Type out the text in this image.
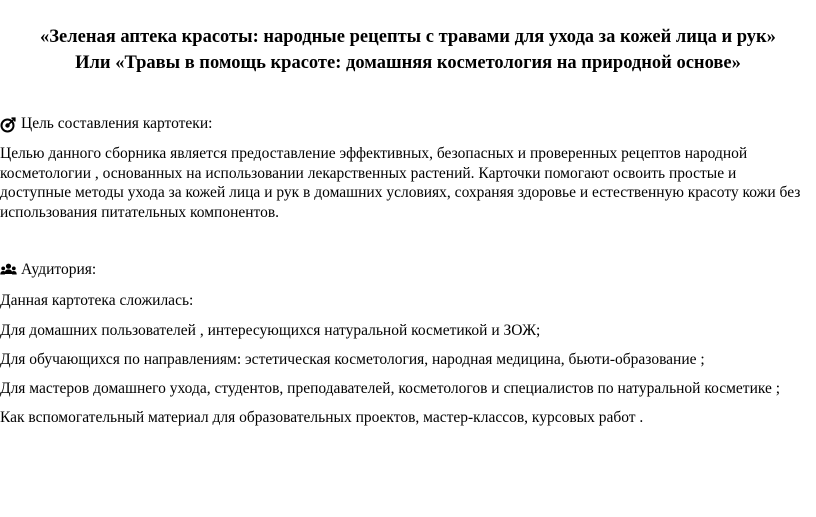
«Зеленая аптека красоты: народные рецепты с травами для ухода за кожей лица и рук»
Или «Травы в помощь красоте: домашняя косметология на природной основе»
Цель составления картотеки:
Целью данного сборника является предоставление эффективных, безопасных и проверенных рецептов народной
косметологии , основанных на использовании лекарственных растений. Карточки помогают освоить простые и
доступные методы ухода за кожей лица и рук в домашних условиях, сохраняя здоровье и естественную красоту кожи без
использования питательных компонентов.
Аудитория:
Данная картотека сложилась:
Для домашних пользователей , интересующихся натуральной косметикой и ЗОЖ;
Для обучающихся по направлениям: эстетическая косметология, народная медицина, бьюти-образование ;
Для мастеров домашнего ухода, студентов, преподавателей, косметологов и специалистов по натуральной косметике ;
Как вспомогательный материал для образовательных проектов, мастер-классов, курсовых работ .
